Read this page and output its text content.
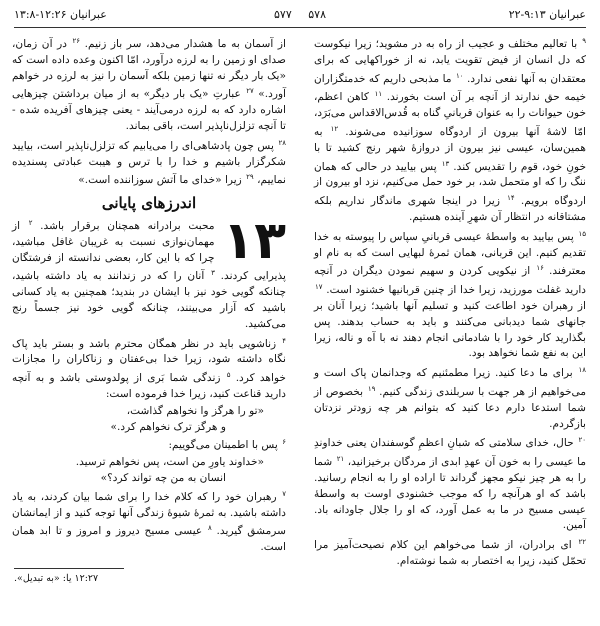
۵۷۸	عبرانیان ۹:۱۳-۲۲
۵۷۷
عبرانیان ۱۲:۲۶-۱۳:۸

$^۹$ با تعالیم مختلف و عجیب از راه به در مشوید؛ زیرا نیکوست که دل انسان از فیض تقویت یابد، نه از خوراکهایی که برای معتقدان به آنها نفعی ندارد. $^{۱۰}$ ما مذبحی داریم که خدمتگزاران خیمه حق ندارند از آنچه بر آن است بخورند. $^{۱۱}$ کاهن اعظم، خون حیوانات را به عنوان قربانیِ گناه به قُدس‌الاقداس می‌بَرَد، امّا لاشهٔ آنها بیرون از اردوگاه سوزانیده می‌شوند. $^{۱۲}$ به همین‌سان، عیسی نیز بیرون از دروازهٔ شهر رنج کشید تا با خونِ خود، قوم را تقدیس کند. $^{۱۳}$ پس بیایید در حالی که همان ننگ را که او متحمل شد، بر خود حمل می‌کنیم، نزد او بیرون از اردوگاه برویم. $^{۱۴}$ زیرا در اینجا شهری ماندگار نداریم بلکه مشتاقانه در انتظار آن شهرِ آینده هستیم.

$^{۱۵}$ پس بیایید به واسطهٔ عیسی قربانیِ سپاس را پیوسته به خدا تقدیم کنیم. این قربانی، همان ثمرهٔ لبهایی است که به نام او معترفند. $^{۱۶}$ از نیکویی کردن و سهیم نمودن دیگران در آنچه دارید غفلت مورزید، زیرا خدا از چنین قربانیها خشنود است. $^{۱۷}$ از رهبران خود اطاعت کنید و تسلیم آنها باشید؛ زیرا آنان بر جانهای شما دیدبانی می‌کنند و باید به حساب بدهند. پس بگذارید کار خود را با شادمانی انجام دهند نه با آه و ناله، زیرا این به نفع شما نخواهد بود.

$^{۱۸}$ برای ما دعا کنید. زیرا مطمئنیم که وجدانمان پاک است و می‌خواهیم از هر جهت با سربلندی زندگی کنیم. $^{۱۹}$ بخصوص از شما استدعا دارم دعا کنید که بتوانم هر چه زودتر نزدتان بازگردم.

$^{۲۰}$ حال، خدای سلامتی که شبانِ اعظمِ گوسفندان یعنی خداوندِ ما عیسی را به خون آن عهدِ ابدی از مردگان برخیزانید، $^{۲۱}$ شما را به هر چیز نیکو مجهز گرداند تا اراده او را به انجام رسانید. باشد که او هرآنچه را که موجب خشنودی اوست به واسطهٔ عیسی مسیح در ما به عمل آورد، که او را جلال جاودانه باد. آمین.

$^{۲۲}$ ای برادران، از شما می‌خواهم این کلام نصیحت‌آمیز مرا تحمّل کنید، زیرا به اختصار به شما نوشته‌ام.

از آسمان به ما هشدار می‌دهد، سر باز زنیم. $^{۲۶}$ در آن زمان، صدای او زمین را به لرزه درآورد، امّا اکنون وعده داده است که «یک بار دیگر نه تنها زمین بلکه آسمان را نیز به لرزه در خواهم آورد.» $^{۲۷}$ عبارتِ «یک بار دیگر» به از میان برداشتن چیزهایی اشاره دارد که به لرزه درمی‌آیند - یعنی چیزهای آفریده شده - تا آنچه تزلزل‌ناپذیر است، باقی بماند.

$^{۲۸}$ پس چون پادشاهی‌ای را می‌یابیم که تزلزل‌ناپذیر است، بیایید شکرگزار باشیم و خدا را با ترس و هیبت عبادتی پسندیده نماییم، $^{۲۹}$ زیرا «خدای ما آتش سوزاننده است.»

اندرزهای پایانی
۱۳

محبت برادرانه همچنان برقرار باشد. $^۲$ از مهمان‌نوازی نسبت به غریبان غافل مباشید، چرا که با این کار، بعضی ندانسته از فرشتگان پذیرایی کردند. $^۳$ آنان را که در زندانند به یاد داشته باشید، چنانکه گویی خود نیز با ایشان در بندید؛ همچنین به یاد کسانی باشید که آزار می‌بینند، چنانکه گویی خود نیز جسماً رنج می‌کشید.

$^۴$ زناشویی باید در نظر همگان محترم باشد و بستر باید پاک نگاه داشته شود، زیرا خدا بی‌عفتان و زناکاران را مجازات خواهد کرد. $^۵$ زندگی شما بَری از پولدوستی باشد و به آنچه دارید قناعت کنید، زیرا خدا فرموده است:

«تو را هرگز وا نخواهم گذاشت،
و هرگز ترک نخواهم کرد.»

$^۶$ پس با اطمینان می‌گوییم:

«خداوند یاورِ من است، پس نخواهم ترسید.
انسان به من چه تواند کرد؟»

$^۷$ رهبران خود را که کلام خدا را برای شما بیان کردند، به یاد داشته باشید. به ثمرهٔ شیوهٔ زندگی آنها توجه کنید و از ایمانشان سرمشق گیرید. $^۸$ عیسی مسیح دیروز و امروز و تا ابد همان است.

۱۲:۲۷ یا: «به تبدیل».
